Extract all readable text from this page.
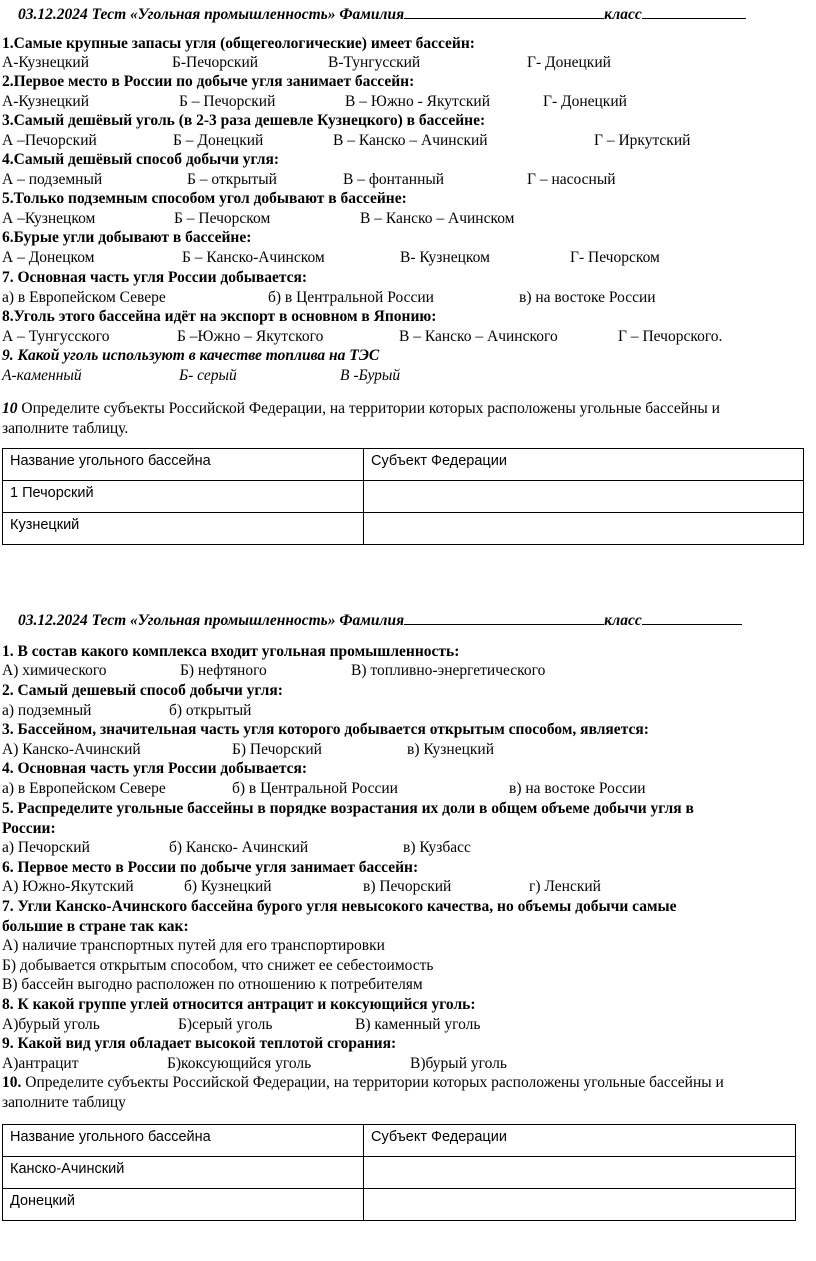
03.12.2024 Тест «Угольная промышленность» Фамилия	класс
1.Самые крупные запасы угля (общегеологические) имеет бассейн:
А-Кузнецкий	Б-Печорский	В-Тунгусский	Г- Донецкий
2.Первое место в России по добыче угля занимает бассейн:
А-Кузнецкий	Б – Печорский	В – Южно - Якутский	Г- Донецкий
3.Самый дешёвый уголь (в 2-3 раза дешевле Кузнецкого) в бассейне:
А –Печорский	Б – Донецкий	В – Канско – Ачинский	Г – Иркутский
4.Самый дешёвый способ добычи угля:
А – подземный	Б – открытый	В – фонтанный	Г – насосный
5.Только подземным способом угол добывают в бассейне:
А –Кузнецком	Б – Печорском	В – Канско – Ачинском
6.Бурые угли добывают в бассейне:
А – Донецком	Б – Канско-Ачинском	В- Кузнецком	Г- Печорском
7. Основная часть угля России добывается:
а) в Европейском Севере	б) в Центральной России	в) на востоке России
8.Уголь этого бассейна идёт на экспорт в основном в Японию:
А – Тунгусского	Б –Южно – Якутского	В – Канско – Ачинского	Г – Печорского.
9. Какой уголь используют в качестве топлива на ТЭС
А-каменный	Б- серый	В -Бурый
10 Определите субъекты Российской Федерации, на территории которых расположены угольные бассейны и
заполните таблицу.
Название угольного бассейна	Субъект Федерации
1 Печорский	
Кузнецкий	
03.12.2024 Тест «Угольная промышленность» Фамилия	класс
1. В состав какого комплекса входит угольная промышленность:
А) химического	Б) нефтяного	В) топливно-энергетического
2. Самый дешевый способ добычи угля:
а) подземный	б) открытый
3. Бассейном, значительная часть угля которого добывается открытым способом, является:
А) Канско-Ачинский	Б) Печорский	в) Кузнецкий
4. Основная часть угля России добывается:
а) в Европейском Севере	б) в Центральной России	в) на востоке России
5. Распределите угольные бассейны в порядке возрастания их доли в общем объеме добычи угля в
России:
а) Печорский	б) Канско- Ачинский	в) Кузбасс
6. Первое место в России по добыче угля занимает бассейн:
А) Южно-Якутский	б) Кузнецкий	в) Печорский	г) Ленский
7. Угли Канско-Ачинского бассейна бурого угля невысокого качества, но объемы добычи самые
большие в стране так как:
А) наличие транспортных путей для его транспортировки
Б) добывается открытым способом, что снижет ее себестоимость
В) бассейн выгодно расположен по отношению к потребителям
8. К какой группе углей относится антрацит и коксующийся уголь:
А)бурый уголь	Б)серый уголь	В) каменный уголь
9. Какой вид угля обладает высокой теплотой сгорания:
А)антрацит	Б)коксующийся уголь	В)бурый уголь
10. Определите субъекты Российской Федерации, на территории которых расположены угольные бассейны и
заполните таблицу
Название угольного бассейна	Субъект Федерации
Канско-Ачинский	
Донецкий	
